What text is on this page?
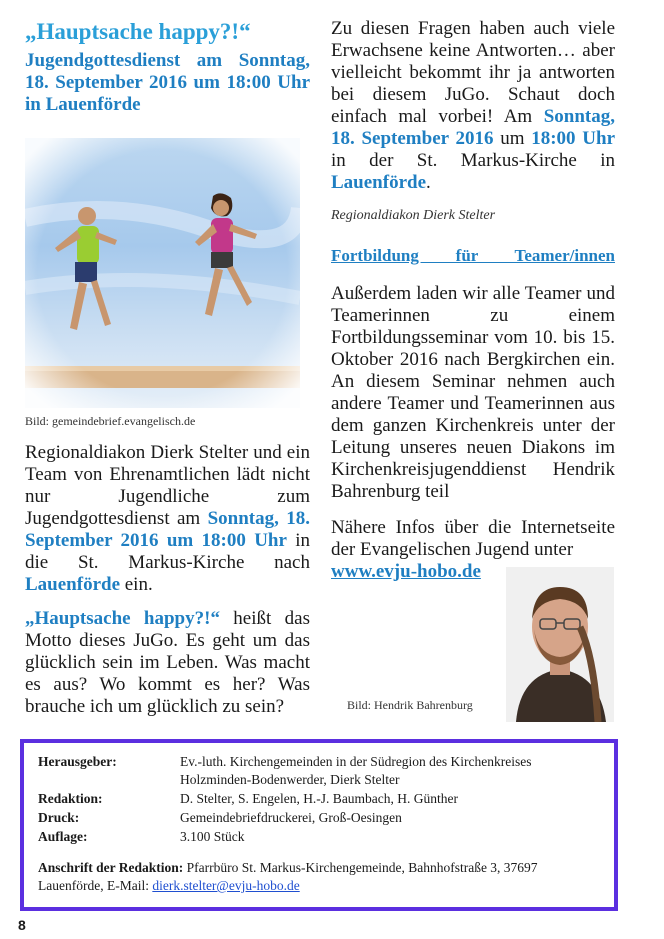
„Hauptsache happy?!“
Jugendgottesdienst am Sonntag, 18. September 2016 um 18:00 Uhr in Lauenförde
Bild: gemeindebrief.evangelisch.de
Regionaldiakon Dierk Stelter und ein Team von Ehrenamtlichen lädt nicht nur Jugendliche zum Jugendgottesdienst am Sonntag, 18. September 2016 um 18:00 Uhr in die St. Markus-Kirche nach Lauenförde ein.
„Hauptsache happy?!“ heißt das Motto dieses JuGo. Es geht um das glücklich sein im Leben. Was macht es aus? Wo kommt es her? Was brauche ich um glücklich zu sein?
Zu diesen Fragen haben auch viele Erwachsene keine Antworten… aber vielleicht bekommt ihr ja antworten bei diesem JuGo. Schaut doch einfach mal vorbei! Am Sonntag, 18. September 2016 um 18:00 Uhr in der St. Markus-Kirche in Lauenförde.
Regionaldiakon Dierk Stelter
Fortbildung für Teamer/innen
Außerdem laden wir alle Teamer und Teamerinnen zu einem Fortbildungsseminar vom 10. bis 15. Oktober 2016 nach Bergkirchen ein. An diesem Seminar nehmen auch andere Teamer und Teamerinnen aus dem ganzen Kirchenkreis unter der Leitung unseres neuen Diakons im Kirchenkreisjugenddienst Hendrik Bahrenburg teil
Nähere Infos über die Internetseite der Evangelischen Jugend unter
www.evju-hobo.de
Bild: Hendrik Bahrenburg
Herausgeber:	Ev.-luth. Kirchengemeinden in der Südregion des Kirchenkreises Holzminden-Bodenwerder, Dierk Stelter
Redaktion:	D. Stelter, S. Engelen, H.-J. Baumbach, H. Günther
Druck:	Gemeindebriefdruckerei, Groß-Oesingen
Auflage:	3.100 Stück
Anschrift der Redaktion: Pfarrbüro St. Markus-Kirchengemeinde, Bahnhofstraße 3, 37697 Lauenförde, E-Mail: dierk.stelter@evju-hobo.de
8
